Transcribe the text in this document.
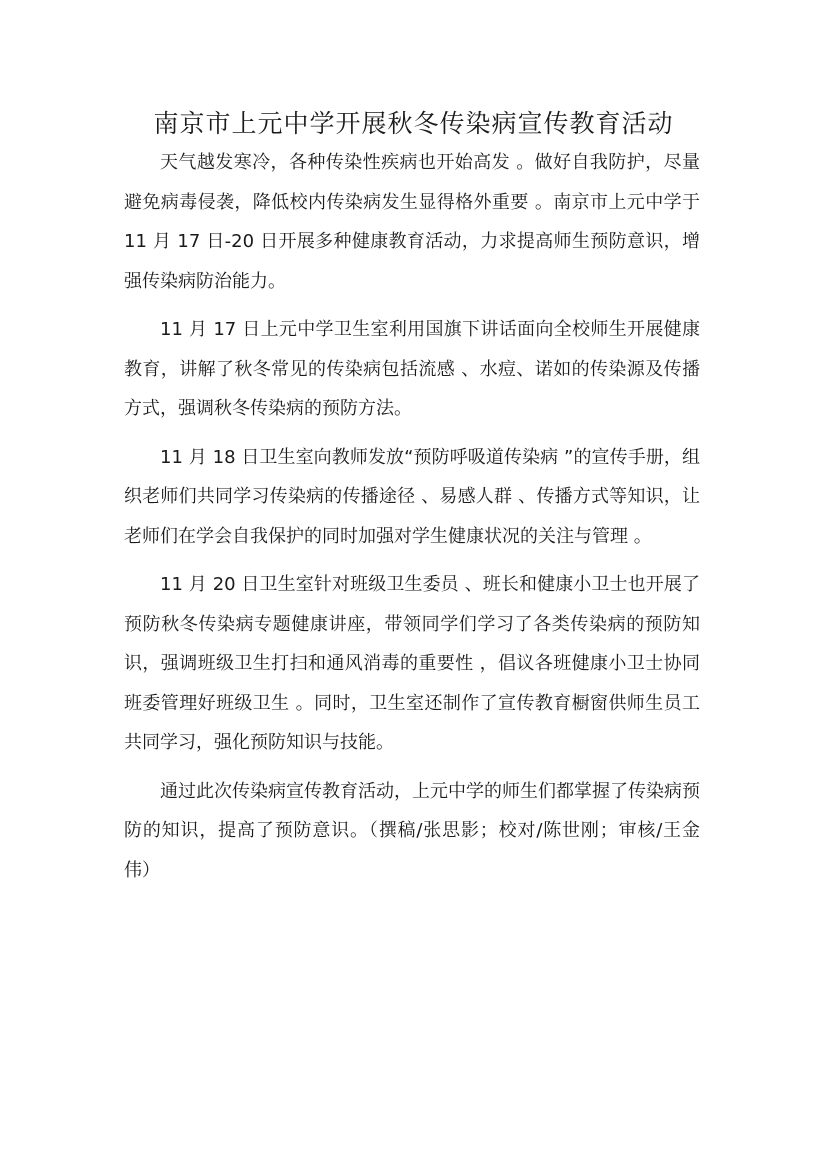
南京市上元中学开展秋冬传染病宣传教育活动

天气越发寒冷，各种传染性疾病也开始高发 。做好自我防护，尽量避免病毒侵袭，降低校内传染病发生显得格外重要 。南京市上元中学于 11 月 17 日-20 日开展多种健康教育活动，力求提高师生预防意识，增强传染病防治能力。

11 月 17 日上元中学卫生室利用国旗下讲话面向全校师生开展健康教育，讲解了秋冬常见的传染病包括流感 、水痘、诺如的传染源及传播方式，强调秋冬传染病的预防方法。

11 月 18 日卫生室向教师发放“预防呼吸道传染病 ”的宣传手册，组织老师们共同学习传染病的传播途径 、易感人群 、传播方式等知识，让老师们在学会自我保护的同时加强对学生健康状况的关注与管理 。

11 月 20 日卫生室针对班级卫生委员 、班长和健康小卫士也开展了预防秋冬传染病专题健康讲座，带领同学们学习了各类传染病的预防知识，强调班级卫生打扫和通风消毒的重要性 ，倡议各班健康小卫士协同班委管理好班级卫生 。同时，卫生室还制作了宣传教育橱窗供师生员工共同学习，强化预防知识与技能。

通过此次传染病宣传教育活动，上元中学的师生们都掌握了传染病预防的知识，提高了预防意识。（撰稿/张思影；校对/陈世刚；审核/王金伟）
